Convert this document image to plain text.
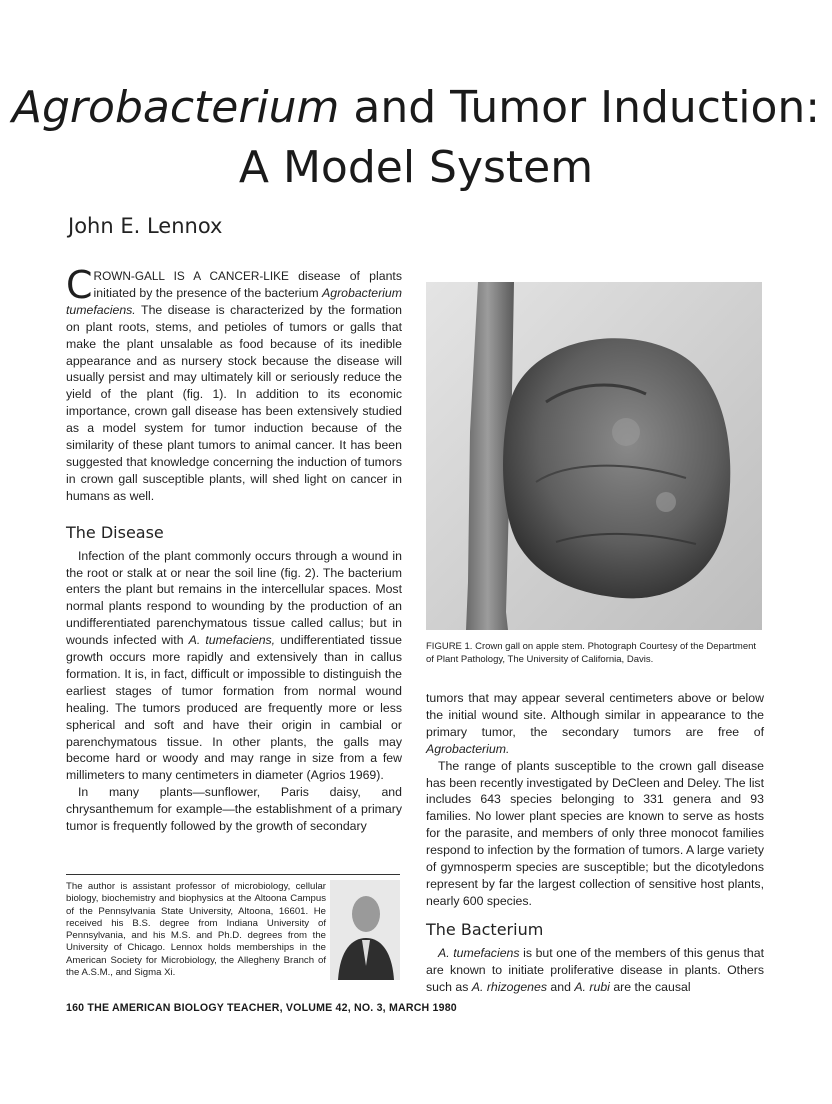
Agrobacterium and Tumor Induction:
A Model System
John E. Lennox

CROWN-GALL IS A CANCER-LIKE disease of plants initiated by the presence of the bacterium Agrobacterium tumefaciens. The disease is characterized by the formation on plant roots, stems, and petioles of tumors or galls that make the plant unsalable as food because of its inedible appearance and as nursery stock because the disease will usually persist and may ultimately kill or seriously reduce the yield of the plant (fig. 1). In addition to its economic importance, crown gall disease has been extensively studied as a model system for tumor induction because of the similarity of these plant tumors to animal cancer. It has been suggested that knowledge concerning the induction of tumors in crown gall susceptible plants, will shed light on cancer in humans as well.

The Disease

Infection of the plant commonly occurs through a wound in the root or stalk at or near the soil line (fig. 2). The bacterium enters the plant but remains in the intercellular spaces. Most normal plants respond to wounding by the production of an undifferentiated parenchymatous tissue called callus; but in wounds infected with A. tumefaciens, undifferentiated tissue growth occurs more rapidly and extensively than in callus formation. It is, in fact, difficult or impossible to distinguish the earliest stages of tumor formation from normal wound healing. The tumors produced are frequently more or less spherical and soft and have their origin in cambial or parenchymatous tissue. In other plants, the galls may become hard or woody and may range in size from a few millimeters to many centimeters in diameter (Agrios 1969).

In many plants—sunflower, Paris daisy, and chrysanthemum for example—the establishment of a primary tumor is frequently followed by the growth of secondary

FIGURE 1. Crown gall on apple stem. Photograph Courtesy of the Department of Plant Pathology, The University of California, Davis.

tumors that may appear several centimeters above or below the initial wound site. Although similar in appearance to the primary tumor, the secondary tumors are free of Agrobacterium.

The range of plants susceptible to the crown gall disease has been recently investigated by DeCleen and Deley. The list includes 643 species belonging to 331 genera and 93 families. No lower plant species are known to serve as hosts for the parasite, and members of only three monocot families respond to infection by the formation of tumors. A large variety of gymnosperm species are susceptible; but the dicotyledons represent by far the largest collection of sensitive host plants, nearly 600 species.

The Bacterium

A. tumefaciens is but one of the members of this genus that are known to initiate proliferative disease in plants. Others such as A. rhizogenes and A. rubi are the causal

The author is assistant professor of microbiology, cellular biology, biochemistry and biophysics at the Altoona Campus of the Pennsylvania State University, Altoona, 16601. He received his B.S. degree from Indiana University of Pennsylvania, and his M.S. and Ph.D. degrees from the University of Chicago. Lennox holds memberships in the American Society for Microbiology, the Allegheny Branch of the A.S.M., and Sigma Xi.
160 THE AMERICAN BIOLOGY TEACHER, VOLUME 42, NO. 3, MARCH 1980
